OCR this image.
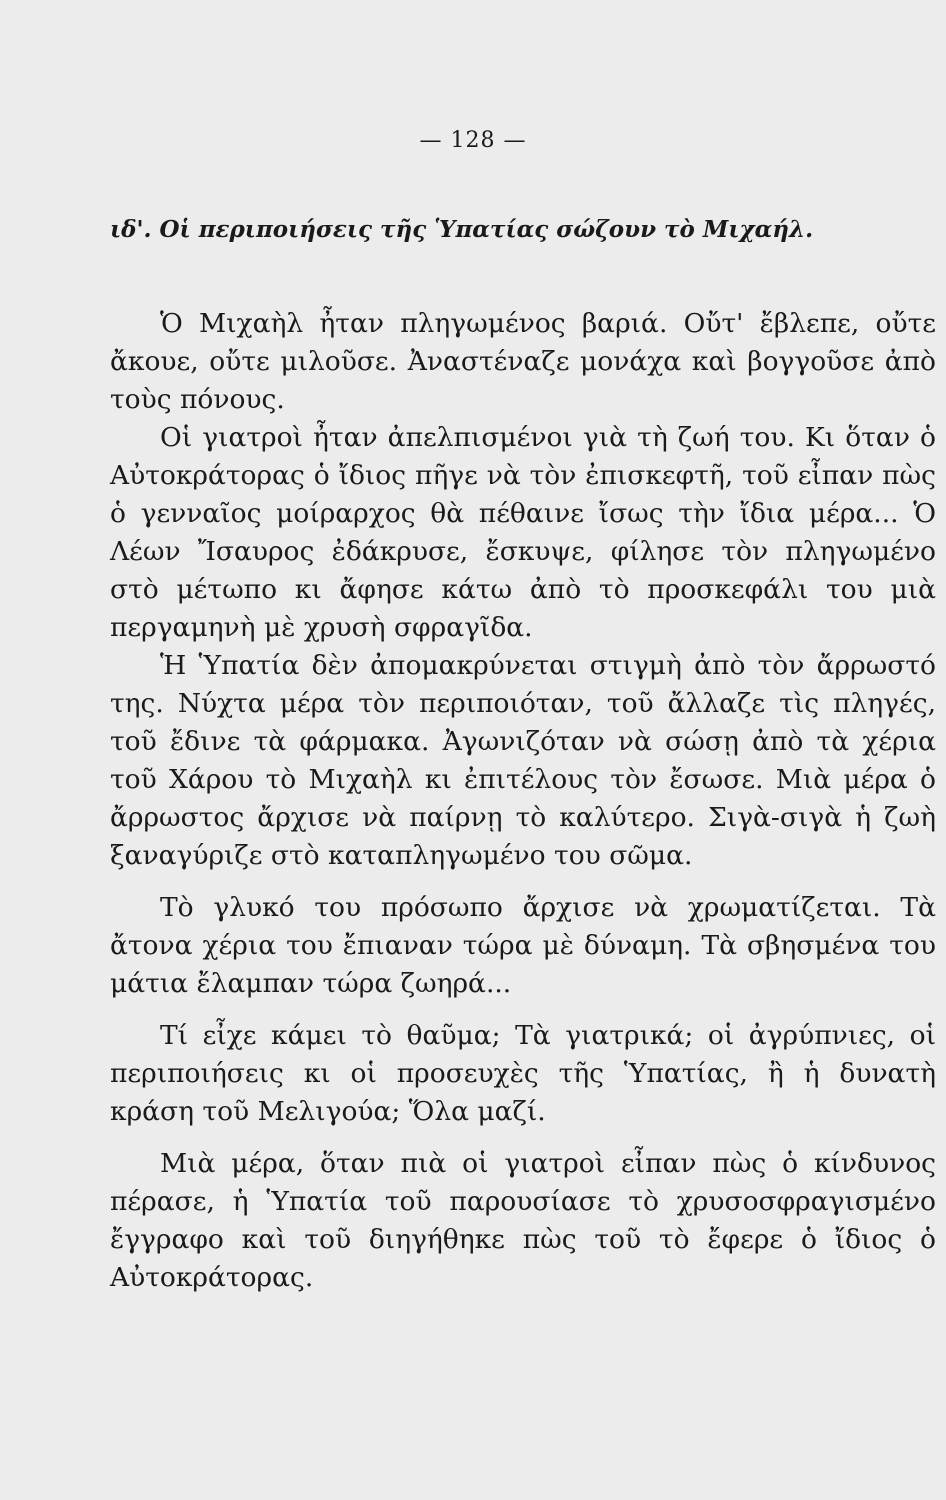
— 128 —
ιδ'. Οἱ περιποιήσεις τῆς Ὑπατίας σώζουν τὸ Μιχαήλ.

Ὁ Μιχαὴλ ἦταν πληγωμένος βαριά. Οὔτ' ἔβλεπε, οὔτε ἄκουε, οὔτε μιλοῦσε. Ἀναστέναζε μονάχα καὶ βογγοῦσε ἀπὸ τοὺς πόνους.

Οἱ γιατροὶ ἦταν ἀπελπισμένοι γιὰ τὴ ζωή του. Κι ὅταν ὁ Αὐτοκράτορας ὁ ἴδιος πῆγε νὰ τὸν ἐπισκεφτῆ, τοῦ εἶπαν πὼς ὁ γενναῖος μοίραρχος θὰ πέθαινε ἴσως τὴν ἴδια μέρα... Ὁ Λέων Ἴσαυρος ἐδάκρυσε, ἔσκυψε, φίλησε τὸν πληγωμένο στὸ μέτωπο κι ἄφησε κάτω ἀπὸ τὸ προσκεφάλι του μιὰ περγαμηνὴ μὲ χρυσὴ σφραγῖδα.

Ἡ Ὑπατία δὲν ἀπομακρύνεται στιγμὴ ἀπὸ τὸν ἄρρωστό της. Νύχτα μέρα τὸν περιποιόταν, τοῦ ἄλλαζε τὶς πληγές, τοῦ ἔδινε τὰ φάρμακα. Ἀγωνιζόταν νὰ σώσῃ ἀπὸ τὰ χέρια τοῦ Χάρου τὸ Μιχαὴλ κι ἐπιτέλους τὸν ἔσωσε. Μιὰ μέρα ὁ ἄρρωστος ἄρχισε νὰ παίρνῃ τὸ καλύτερο. Σιγὰ-σιγὰ ἡ ζωὴ ξαναγύριζε στὸ καταπληγωμένο του σῶμα.

Τὸ γλυκό του πρόσωπο ἄρχισε νὰ χρωματίζεται. Τὰ ἄτονα χέρια του ἔπιαναν τώρα μὲ δύναμη. Τὰ σβησμένα του μάτια ἔλαμπαν τώρα ζωηρά...

Τί εἶχε κάμει τὸ θαῦμα; Τὰ γιατρικά; οἱ ἀγρύπνιες, οἱ περιποιήσεις κι οἱ προσευχὲς τῆς Ὑπατίας, ἢ ἡ δυνατὴ κράση τοῦ Μελιγούα; Ὅλα μαζί.

Μιὰ μέρα, ὅταν πιὰ οἱ γιατροὶ εἶπαν πὼς ὁ κίνδυνος πέρασε, ἡ Ὑπατία τοῦ παρουσίασε τὸ χρυσοσφραγισμένο ἔγγραφο καὶ τοῦ διηγήθηκε πὼς τοῦ τὸ ἔφερε ὁ ἴδιος ὁ Αὐτοκράτορας.
